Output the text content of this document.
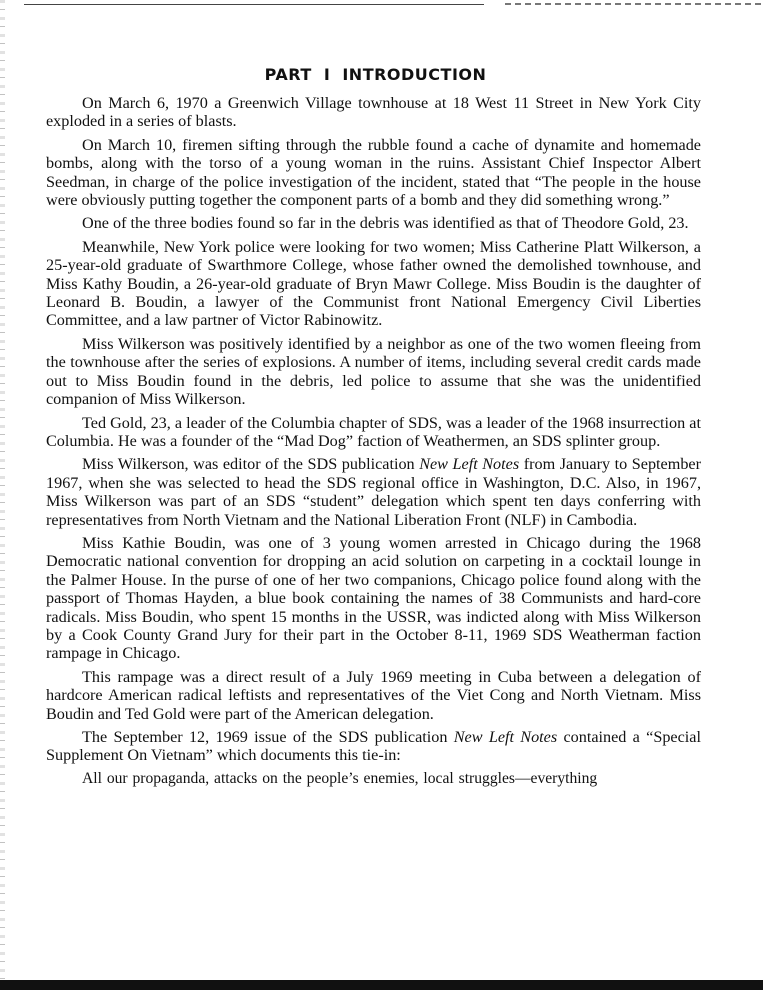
PART I INTRODUCTION

On March 6, 1970 a Greenwich Village townhouse at 18 West 11 Street in New York City exploded in a series of blasts.

On March 10, firemen sifting through the rubble found a cache of dynamite and homemade bombs, along with the torso of a young woman in the ruins. Assistant Chief Inspector Albert Seedman, in charge of the police investigation of the incident, stated that “The people in the house were obviously putting together the component parts of a bomb and they did something wrong.”

One of the three bodies found so far in the debris was identified as that of Theodore Gold, 23.

Meanwhile, New York police were looking for two women; Miss Catherine Platt Wilkerson, a 25-year-old graduate of Swarthmore College, whose father owned the demolished townhouse, and Miss Kathy Boudin, a 26-year-old graduate of Bryn Mawr College. Miss Boudin is the daughter of Leonard B. Boudin, a lawyer of the Communist front National Emergency Civil Liberties Committee, and a law partner of Victor Rabinowitz.

Miss Wilkerson was positively identified by a neighbor as one of the two women fleeing from the townhouse after the series of explosions. A number of items, including several credit cards made out to Miss Boudin found in the debris, led police to assume that she was the unidentified companion of Miss Wilkerson.

Ted Gold, 23, a leader of the Columbia chapter of SDS, was a leader of the 1968 insurrection at Columbia. He was a founder of the “Mad Dog” faction of Weathermen, an SDS splinter group.

Miss Wilkerson, was editor of the SDS publication New Left Notes from January to September 1967, when she was selected to head the SDS regional office in Washington, D.C. Also, in 1967, Miss Wilkerson was part of an SDS “student” delegation which spent ten days conferring with representatives from North Vietnam and the National Liberation Front (NLF) in Cambodia.

Miss Kathie Boudin, was one of 3 young women arrested in Chicago during the 1968 Democratic national convention for dropping an acid solution on carpeting in a cocktail lounge in the Palmer House. In the purse of one of her two companions, Chicago police found along with the passport of Thomas Hayden, a blue book containing the names of 38 Communists and hard-core radicals. Miss Boudin, who spent 15 months in the USSR, was indicted along with Miss Wilkerson by a Cook County Grand Jury for their part in the October 8-11, 1969 SDS Weatherman faction rampage in Chicago.

This rampage was a direct result of a July 1969 meeting in Cuba between a delegation of hardcore American radical leftists and representatives of the Viet Cong and North Vietnam. Miss Boudin and Ted Gold were part of the American delegation.

The September 12, 1969 issue of the SDS publication New Left Notes contained a “Special Supplement On Vietnam” which documents this tie-in:

All our propaganda, attacks on the people’s enemies, local struggles—everything
